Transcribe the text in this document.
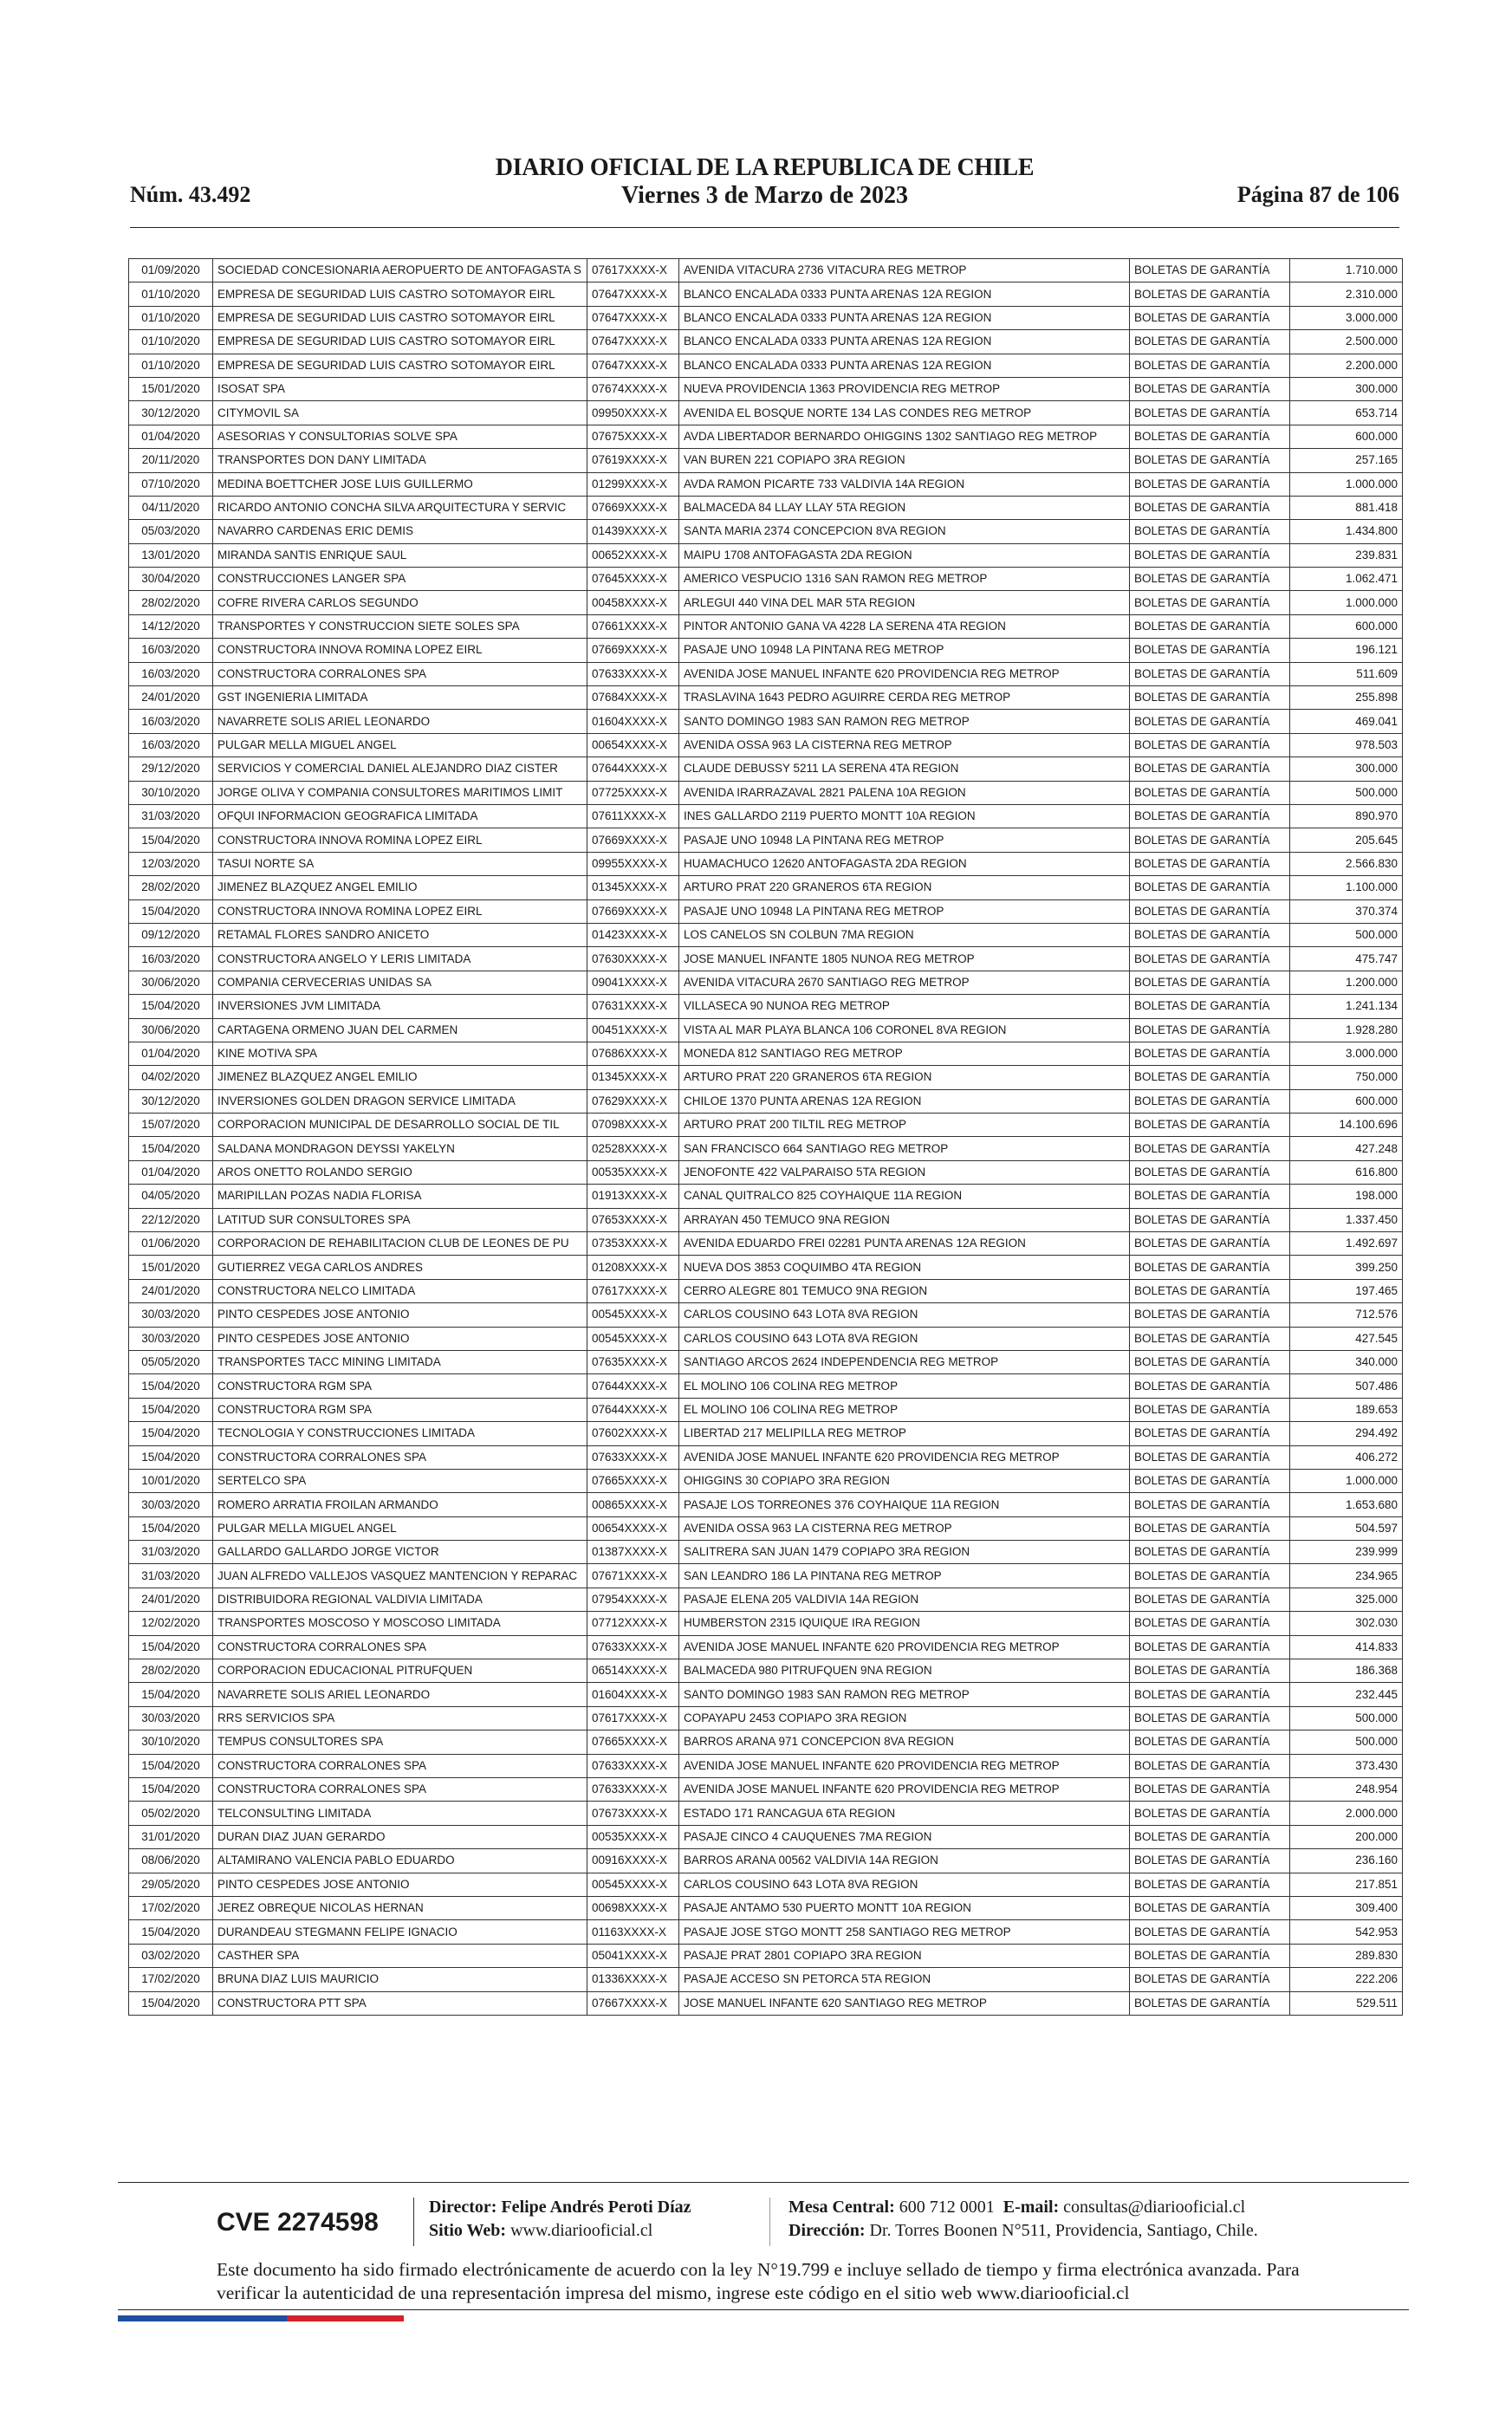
Núm. 43.492
DIARIO OFICIAL DE LA REPUBLICA DE CHILE
Viernes 3 de Marzo de 2023	Página 87 de 106
01/09/2020	SOCIEDAD CONCESIONARIA AEROPUERTO DE ANTOFAGASTA S	07617XXXX-X	AVENIDA VITACURA 2736 VITACURA REG METROP	BOLETAS DE GARANTÍA	1.710.000
01/10/2020	EMPRESA DE SEGURIDAD LUIS CASTRO SOTOMAYOR EIRL	07647XXXX-X	BLANCO ENCALADA 0333 PUNTA ARENAS 12A REGION	BOLETAS DE GARANTÍA	2.310.000
01/10/2020	EMPRESA DE SEGURIDAD LUIS CASTRO SOTOMAYOR EIRL	07647XXXX-X	BLANCO ENCALADA 0333 PUNTA ARENAS 12A REGION	BOLETAS DE GARANTÍA	3.000.000
01/10/2020	EMPRESA DE SEGURIDAD LUIS CASTRO SOTOMAYOR EIRL	07647XXXX-X	BLANCO ENCALADA 0333 PUNTA ARENAS 12A REGION	BOLETAS DE GARANTÍA	2.500.000
01/10/2020	EMPRESA DE SEGURIDAD LUIS CASTRO SOTOMAYOR EIRL	07647XXXX-X	BLANCO ENCALADA 0333 PUNTA ARENAS 12A REGION	BOLETAS DE GARANTÍA	2.200.000
15/01/2020	ISOSAT SPA	07674XXXX-X	NUEVA PROVIDENCIA 1363 PROVIDENCIA REG METROP	BOLETAS DE GARANTÍA	300.000
30/12/2020	CITYMOVIL SA	09950XXXX-X	AVENIDA EL BOSQUE NORTE 134 LAS CONDES REG METROP	BOLETAS DE GARANTÍA	653.714
01/04/2020	ASESORIAS Y CONSULTORIAS SOLVE SPA	07675XXXX-X	AVDA LIBERTADOR BERNARDO OHIGGINS 1302 SANTIAGO REG METROP	BOLETAS DE GARANTÍA	600.000
20/11/2020	TRANSPORTES DON DANY LIMITADA	07619XXXX-X	VAN BUREN 221 COPIAPO 3RA REGION	BOLETAS DE GARANTÍA	257.165
07/10/2020	MEDINA BOETTCHER JOSE LUIS GUILLERMO	01299XXXX-X	AVDA RAMON PICARTE 733 VALDIVIA 14A REGION	BOLETAS DE GARANTÍA	1.000.000
04/11/2020	RICARDO ANTONIO CONCHA SILVA ARQUITECTURA Y SERVIC	07669XXXX-X	BALMACEDA 84 LLAY LLAY 5TA REGION	BOLETAS DE GARANTÍA	881.418
05/03/2020	NAVARRO CARDENAS ERIC DEMIS	01439XXXX-X	SANTA MARIA 2374 CONCEPCION 8VA REGION	BOLETAS DE GARANTÍA	1.434.800
13/01/2020	MIRANDA SANTIS ENRIQUE SAUL	00652XXXX-X	MAIPU 1708 ANTOFAGASTA 2DA REGION	BOLETAS DE GARANTÍA	239.831
30/04/2020	CONSTRUCCIONES LANGER SPA	07645XXXX-X	AMERICO VESPUCIO 1316 SAN RAMON REG METROP	BOLETAS DE GARANTÍA	1.062.471
28/02/2020	COFRE RIVERA CARLOS SEGUNDO	00458XXXX-X	ARLEGUI 440 VINA DEL MAR 5TA REGION	BOLETAS DE GARANTÍA	1.000.000
14/12/2020	TRANSPORTES Y CONSTRUCCION SIETE SOLES SPA	07661XXXX-X	PINTOR ANTONIO GANA VA 4228 LA SERENA 4TA REGION	BOLETAS DE GARANTÍA	600.000
16/03/2020	CONSTRUCTORA INNOVA ROMINA LOPEZ EIRL	07669XXXX-X	PASAJE UNO 10948 LA PINTANA REG METROP	BOLETAS DE GARANTÍA	196.121
16/03/2020	CONSTRUCTORA CORRALONES SPA	07633XXXX-X	AVENIDA JOSE MANUEL INFANTE 620 PROVIDENCIA REG METROP	BOLETAS DE GARANTÍA	511.609
24/01/2020	GST INGENIERIA LIMITADA	07684XXXX-X	TRASLAVINA 1643 PEDRO AGUIRRE CERDA REG METROP	BOLETAS DE GARANTÍA	255.898
16/03/2020	NAVARRETE SOLIS ARIEL LEONARDO	01604XXXX-X	SANTO DOMINGO 1983 SAN RAMON REG METROP	BOLETAS DE GARANTÍA	469.041
16/03/2020	PULGAR MELLA MIGUEL ANGEL	00654XXXX-X	AVENIDA OSSA 963 LA CISTERNA REG METROP	BOLETAS DE GARANTÍA	978.503
29/12/2020	SERVICIOS Y COMERCIAL DANIEL ALEJANDRO DIAZ CISTER	07644XXXX-X	CLAUDE DEBUSSY 5211 LA SERENA 4TA REGION	BOLETAS DE GARANTÍA	300.000
30/10/2020	JORGE OLIVA Y COMPANIA CONSULTORES MARITIMOS LIMIT	07725XXXX-X	AVENIDA IRARRAZAVAL 2821 PALENA 10A REGION	BOLETAS DE GARANTÍA	500.000
31/03/2020	OFQUI INFORMACION GEOGRAFICA LIMITADA	07611XXXX-X	INES GALLARDO 2119 PUERTO MONTT 10A REGION	BOLETAS DE GARANTÍA	890.970
15/04/2020	CONSTRUCTORA INNOVA ROMINA LOPEZ EIRL	07669XXXX-X	PASAJE UNO 10948 LA PINTANA REG METROP	BOLETAS DE GARANTÍA	205.645
12/03/2020	TASUI NORTE SA	09955XXXX-X	HUAMACHUCO 12620 ANTOFAGASTA 2DA REGION	BOLETAS DE GARANTÍA	2.566.830
28/02/2020	JIMENEZ BLAZQUEZ ANGEL EMILIO	01345XXXX-X	ARTURO PRAT 220 GRANEROS 6TA REGION	BOLETAS DE GARANTÍA	1.100.000
15/04/2020	CONSTRUCTORA INNOVA ROMINA LOPEZ EIRL	07669XXXX-X	PASAJE UNO 10948 LA PINTANA REG METROP	BOLETAS DE GARANTÍA	370.374
09/12/2020	RETAMAL FLORES SANDRO ANICETO	01423XXXX-X	LOS CANELOS SN COLBUN 7MA REGION	BOLETAS DE GARANTÍA	500.000
16/03/2020	CONSTRUCTORA ANGELO Y LERIS LIMITADA	07630XXXX-X	JOSE MANUEL INFANTE 1805 NUNOA REG METROP	BOLETAS DE GARANTÍA	475.747
30/06/2020	COMPANIA CERVECERIAS UNIDAS SA	09041XXXX-X	AVENIDA VITACURA 2670 SANTIAGO REG METROP	BOLETAS DE GARANTÍA	1.200.000
15/04/2020	INVERSIONES JVM LIMITADA	07631XXXX-X	VILLASECA 90 NUNOA REG METROP	BOLETAS DE GARANTÍA	1.241.134
30/06/2020	CARTAGENA ORMENO JUAN DEL CARMEN	00451XXXX-X	VISTA AL MAR PLAYA BLANCA 106 CORONEL 8VA REGION	BOLETAS DE GARANTÍA	1.928.280
01/04/2020	KINE MOTIVA SPA	07686XXXX-X	MONEDA 812 SANTIAGO REG METROP	BOLETAS DE GARANTÍA	3.000.000
04/02/2020	JIMENEZ BLAZQUEZ ANGEL EMILIO	01345XXXX-X	ARTURO PRAT 220 GRANEROS 6TA REGION	BOLETAS DE GARANTÍA	750.000
30/12/2020	INVERSIONES GOLDEN DRAGON SERVICE LIMITADA	07629XXXX-X	CHILOE 1370 PUNTA ARENAS 12A REGION	BOLETAS DE GARANTÍA	600.000
15/07/2020	CORPORACION MUNICIPAL DE DESARROLLO SOCIAL DE TIL	07098XXXX-X	ARTURO PRAT 200 TILTIL REG METROP	BOLETAS DE GARANTÍA	14.100.696
15/04/2020	SALDANA MONDRAGON DEYSSI YAKELYN	02528XXXX-X	SAN FRANCISCO 664 SANTIAGO REG METROP	BOLETAS DE GARANTÍA	427.248
01/04/2020	AROS ONETTO ROLANDO SERGIO	00535XXXX-X	JENOFONTE 422 VALPARAISO 5TA REGION	BOLETAS DE GARANTÍA	616.800
04/05/2020	MARIPILLAN POZAS NADIA FLORISA	01913XXXX-X	CANAL QUITRALCO 825 COYHAIQUE 11A REGION	BOLETAS DE GARANTÍA	198.000
22/12/2020	LATITUD SUR CONSULTORES SPA	07653XXXX-X	ARRAYAN 450 TEMUCO 9NA REGION	BOLETAS DE GARANTÍA	1.337.450
01/06/2020	CORPORACION DE REHABILITACION CLUB DE LEONES DE PU	07353XXXX-X	AVENIDA EDUARDO FREI 02281 PUNTA ARENAS 12A REGION	BOLETAS DE GARANTÍA	1.492.697
15/01/2020	GUTIERREZ VEGA CARLOS ANDRES	01208XXXX-X	NUEVA DOS 3853 COQUIMBO 4TA REGION	BOLETAS DE GARANTÍA	399.250
24/01/2020	CONSTRUCTORA NELCO LIMITADA	07617XXXX-X	CERRO ALEGRE 801 TEMUCO 9NA REGION	BOLETAS DE GARANTÍA	197.465
30/03/2020	PINTO CESPEDES JOSE ANTONIO	00545XXXX-X	CARLOS COUSINO 643 LOTA 8VA REGION	BOLETAS DE GARANTÍA	712.576
30/03/2020	PINTO CESPEDES JOSE ANTONIO	00545XXXX-X	CARLOS COUSINO 643 LOTA 8VA REGION	BOLETAS DE GARANTÍA	427.545
05/05/2020	TRANSPORTES TACC MINING LIMITADA	07635XXXX-X	SANTIAGO ARCOS 2624 INDEPENDENCIA REG METROP	BOLETAS DE GARANTÍA	340.000
15/04/2020	CONSTRUCTORA RGM SPA	07644XXXX-X	EL MOLINO 106 COLINA REG METROP	BOLETAS DE GARANTÍA	507.486
15/04/2020	CONSTRUCTORA RGM SPA	07644XXXX-X	EL MOLINO 106 COLINA REG METROP	BOLETAS DE GARANTÍA	189.653
15/04/2020	TECNOLOGIA Y CONSTRUCCIONES LIMITADA	07602XXXX-X	LIBERTAD 217 MELIPILLA REG METROP	BOLETAS DE GARANTÍA	294.492
15/04/2020	CONSTRUCTORA CORRALONES SPA	07633XXXX-X	AVENIDA JOSE MANUEL INFANTE 620 PROVIDENCIA REG METROP	BOLETAS DE GARANTÍA	406.272
10/01/2020	SERTELCO SPA	07665XXXX-X	OHIGGINS 30 COPIAPO 3RA REGION	BOLETAS DE GARANTÍA	1.000.000
30/03/2020	ROMERO ARRATIA FROILAN ARMANDO	00865XXXX-X	PASAJE LOS TORREONES 376 COYHAIQUE 11A REGION	BOLETAS DE GARANTÍA	1.653.680
15/04/2020	PULGAR MELLA MIGUEL ANGEL	00654XXXX-X	AVENIDA OSSA 963 LA CISTERNA REG METROP	BOLETAS DE GARANTÍA	504.597
31/03/2020	GALLARDO GALLARDO JORGE VICTOR	01387XXXX-X	SALITRERA SAN JUAN 1479 COPIAPO 3RA REGION	BOLETAS DE GARANTÍA	239.999
31/03/2020	JUAN ALFREDO VALLEJOS VASQUEZ MANTENCION Y REPARAC	07671XXXX-X	SAN LEANDRO 186 LA PINTANA REG METROP	BOLETAS DE GARANTÍA	234.965
24/01/2020	DISTRIBUIDORA REGIONAL VALDIVIA LIMITADA	07954XXXX-X	PASAJE ELENA 205 VALDIVIA 14A REGION	BOLETAS DE GARANTÍA	325.000
12/02/2020	TRANSPORTES MOSCOSO Y MOSCOSO LIMITADA	07712XXXX-X	HUMBERSTON 2315 IQUIQUE IRA REGION	BOLETAS DE GARANTÍA	302.030
15/04/2020	CONSTRUCTORA CORRALONES SPA	07633XXXX-X	AVENIDA JOSE MANUEL INFANTE 620 PROVIDENCIA REG METROP	BOLETAS DE GARANTÍA	414.833
28/02/2020	CORPORACION EDUCACIONAL PITRUFQUEN	06514XXXX-X	BALMACEDA 980 PITRUFQUEN 9NA REGION	BOLETAS DE GARANTÍA	186.368
15/04/2020	NAVARRETE SOLIS ARIEL LEONARDO	01604XXXX-X	SANTO DOMINGO 1983 SAN RAMON REG METROP	BOLETAS DE GARANTÍA	232.445
30/03/2020	RRS SERVICIOS SPA	07617XXXX-X	COPAYAPU 2453 COPIAPO 3RA REGION	BOLETAS DE GARANTÍA	500.000
30/10/2020	TEMPUS CONSULTORES SPA	07665XXXX-X	BARROS ARANA 971 CONCEPCION 8VA REGION	BOLETAS DE GARANTÍA	500.000
15/04/2020	CONSTRUCTORA CORRALONES SPA	07633XXXX-X	AVENIDA JOSE MANUEL INFANTE 620 PROVIDENCIA REG METROP	BOLETAS DE GARANTÍA	373.430
15/04/2020	CONSTRUCTORA CORRALONES SPA	07633XXXX-X	AVENIDA JOSE MANUEL INFANTE 620 PROVIDENCIA REG METROP	BOLETAS DE GARANTÍA	248.954
05/02/2020	TELCONSULTING LIMITADA	07673XXXX-X	ESTADO 171 RANCAGUA 6TA REGION	BOLETAS DE GARANTÍA	2.000.000
31/01/2020	DURAN DIAZ JUAN GERARDO	00535XXXX-X	PASAJE CINCO 4 CAUQUENES 7MA REGION	BOLETAS DE GARANTÍA	200.000
08/06/2020	ALTAMIRANO VALENCIA PABLO EDUARDO	00916XXXX-X	BARROS ARANA 00562 VALDIVIA 14A REGION	BOLETAS DE GARANTÍA	236.160
29/05/2020	PINTO CESPEDES JOSE ANTONIO	00545XXXX-X	CARLOS COUSINO 643 LOTA 8VA REGION	BOLETAS DE GARANTÍA	217.851
17/02/2020	JEREZ OBREQUE NICOLAS HERNAN	00698XXXX-X	PASAJE ANTAMO 530 PUERTO MONTT 10A REGION	BOLETAS DE GARANTÍA	309.400
15/04/2020	DURANDEAU STEGMANN FELIPE IGNACIO	01163XXXX-X	PASAJE JOSE STGO MONTT 258 SANTIAGO REG METROP	BOLETAS DE GARANTÍA	542.953
03/02/2020	CASTHER SPA	05041XXXX-X	PASAJE PRAT 2801 COPIAPO 3RA REGION	BOLETAS DE GARANTÍA	289.830
17/02/2020	BRUNA DIAZ LUIS MAURICIO	01336XXXX-X	PASAJE ACCESO SN PETORCA 5TA REGION	BOLETAS DE GARANTÍA	222.206
15/04/2020	CONSTRUCTORA PTT SPA	07667XXXX-X	JOSE MANUEL INFANTE 620 SANTIAGO REG METROP	BOLETAS DE GARANTÍA	529.511
CVE 2274598
Director: Felipe Andrés Peroti Díaz
Sitio Web: www.diariooficial.cl
Mesa Central: 600 712 0001 E-mail: consultas@diariooficial.cl
Dirección: Dr. Torres Boonen N°511, Providencia, Santiago, Chile.
Este documento ha sido firmado electrónicamente de acuerdo con la ley N°19.799 e incluye sellado de tiempo y firma electrónica avanzada. Para verificar la autenticidad de una representación impresa del mismo, ingrese este código en el sitio web www.diariooficial.cl
